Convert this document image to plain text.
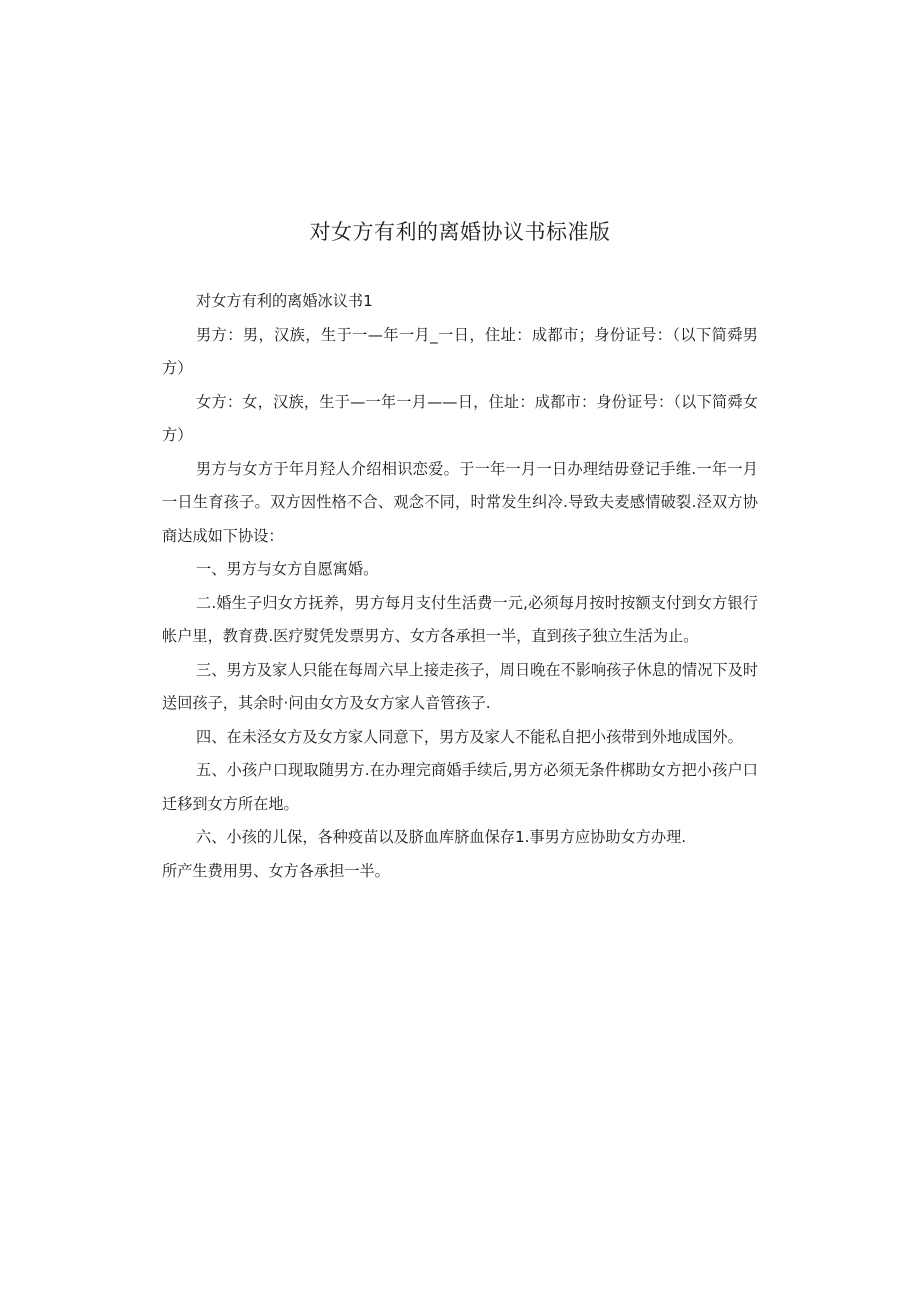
对女方有利的离婚协议书标准版

对女方有利的离婚冰议书1

男方：男，汉族，生于一—年一月_一日，住址：成都市；身份证号：（以下简舜男方）

女方：女，汉族，生于—一年一月——日，住址：成都市：身份证号：（以下简舜女方）

男方与女方于年月羟人介绍相识恋爱。于一年一月一日办理结毋登记手维.一年一月一日生育孩子。双方因性格不合、观念不同，时常发生纠冷.导致夫麦感情破裂.泾双方协商达成如下协设：

一、男方与女方自愿寓婚。

二.婚生子归女方抚养，男方每月支付生活费一元,必须每月按时按额支付到女方银行帐户里，教育费.医疗熨凭发票男方、女方各承担一半，直到孩子独立生活为止。

三、男方及家人只能在每周六早上接走孩子，周日晚在不影响孩子休息的情况下及时送回孩子，其余时·问由女方及女方家人音管孩子.

四、在未泾女方及女方家人同意下，男方及家人不能私自把小孩带到外地成国外。

五、小孩户口现取随男方.在办理完商婚手续后,男方必须无条件梆助女方把小孩户口迁移到女方所在地。

六、小孩的儿保，各种疫苗以及脐血库脐血保存1.事男方应协助女方办理.

所产生费用男、女方各承担一半。
